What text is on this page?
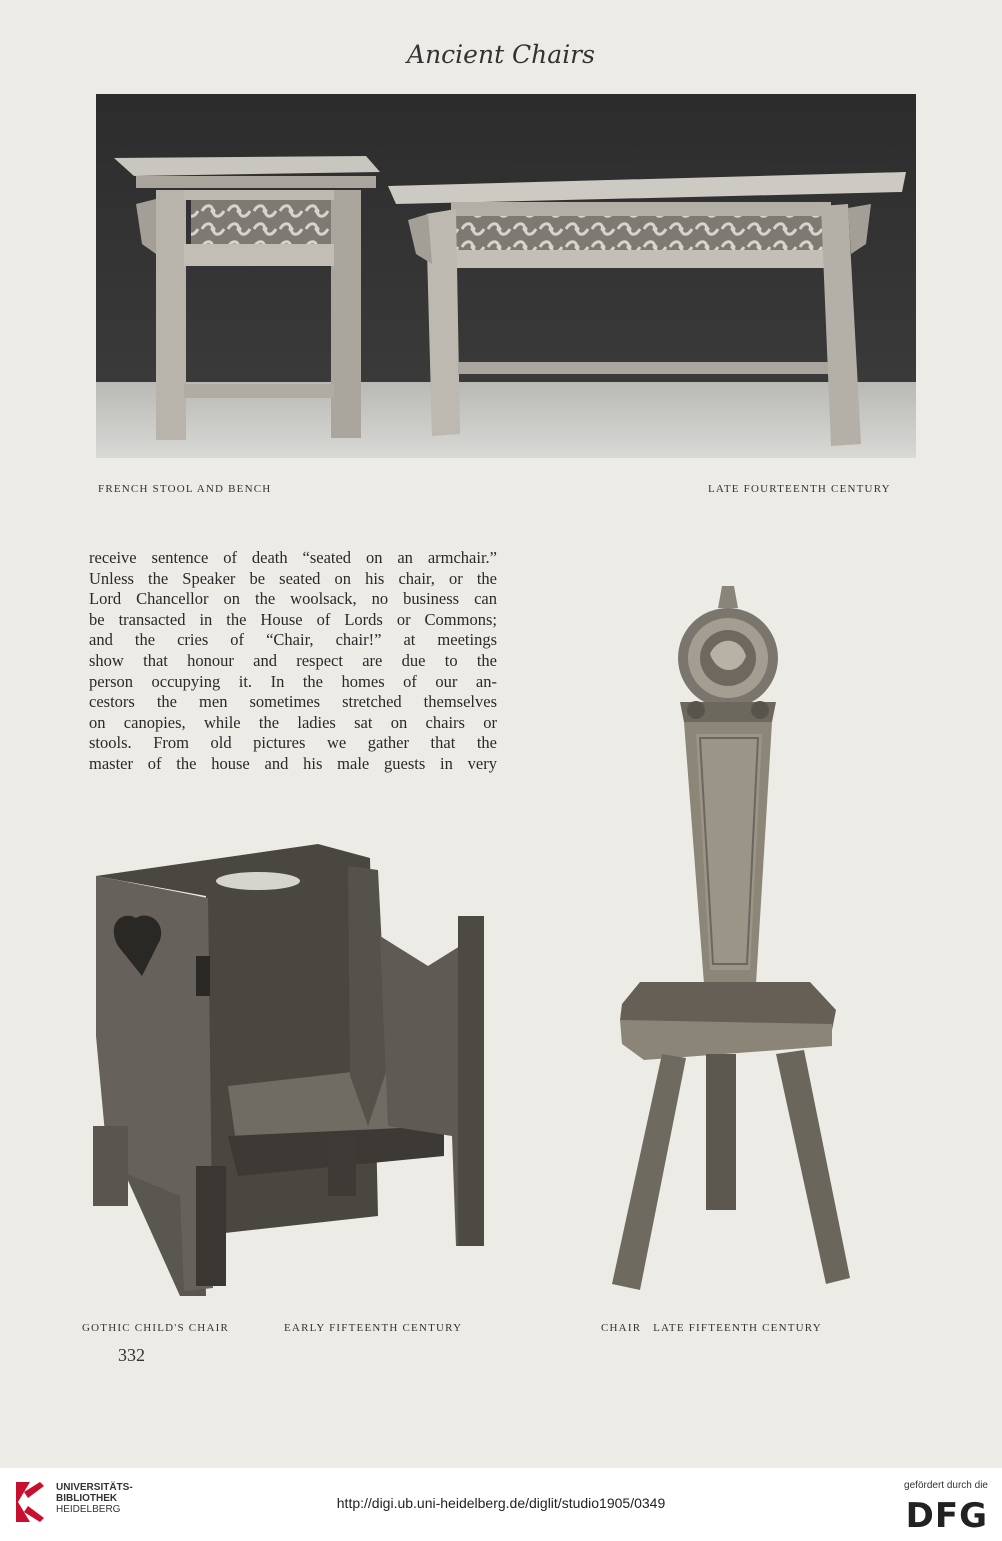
Ancient Chairs
FRENCH STOOL AND BENCH	LATE FOURTEENTH CENTURY
receive sentence of death “seated on an armchair.”
Unless the Speaker be seated on his chair, or the
Lord Chancellor on the woolsack, no business can
be transacted in the House of Lords or Commons;
and the cries of “Chair, chair!” at meetings
show that honour and respect are due to the
person occupying it. In the homes of our an-
cestors the men sometimes stretched themselves
on canopies, while the ladies sat on chairs or
stools. From old pictures we gather that the
master of the house and his male guests in very
GOTHIC CHILD'S CHAIR	EARLY FIFTEENTH CENTURY	CHAIR   LATE FIFTEENTH CENTURY
332
UNIVERSITÄTS-
BIBLIOTHEK
HEIDELBERG	http://digi.ub.uni-heidelberg.de/diglit/studio1905/0349
gefördert durch die
DFG
